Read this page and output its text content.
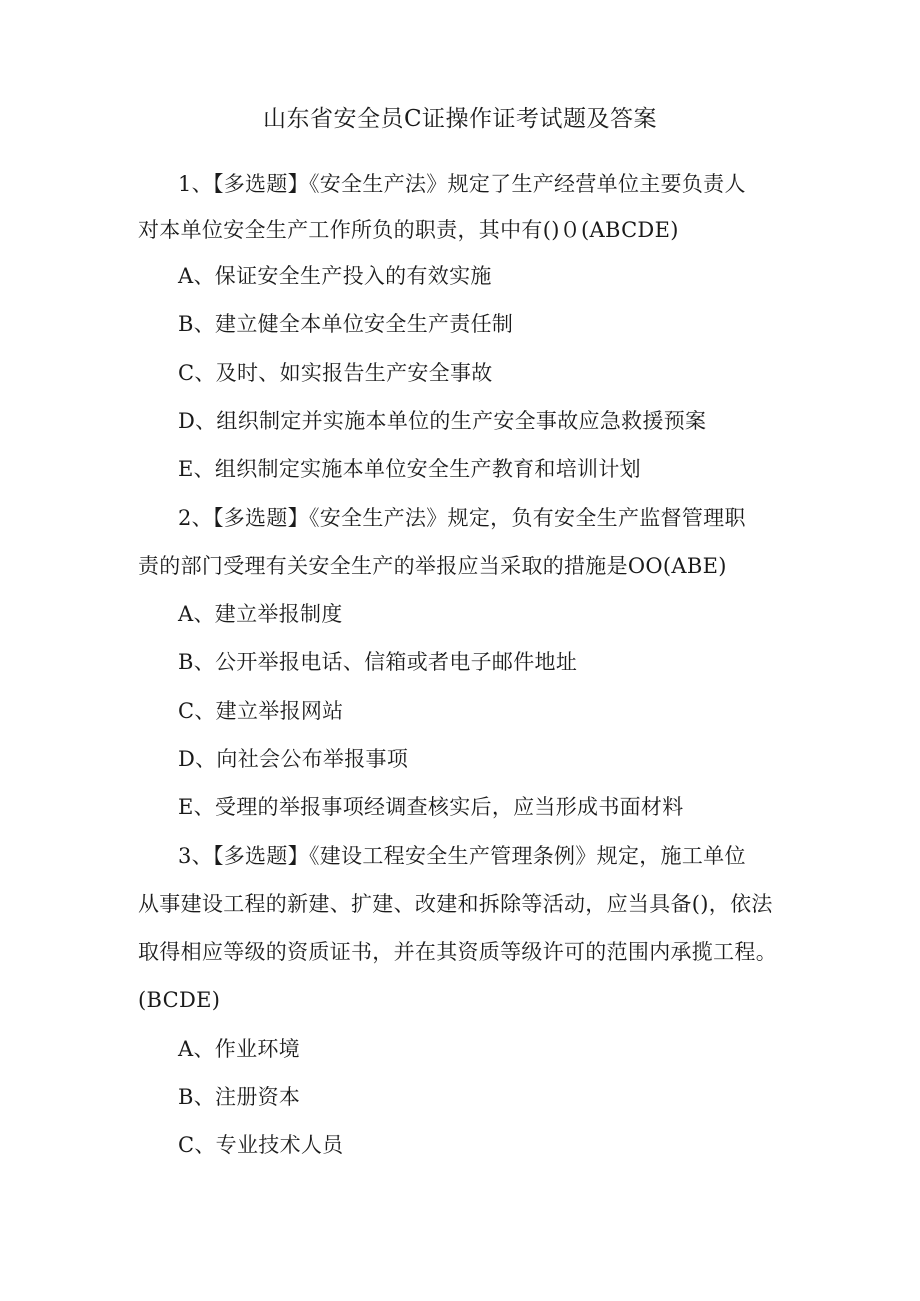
山东省安全员C证操作证考试题及答案
1、【多选题】《安全生产法》规定了生产经营单位主要负责人
对本单位安全生产工作所负的职责，其中有()０(ABCDE)
A、保证安全生产投入的有效实施
B、建立健全本单位安全生产责任制
C、及时、如实报告生产安全事故
D、组织制定并实施本单位的生产安全事故应急救援预案
E、组织制定实施本单位安全生产教育和培训计划
2、【多选题】《安全生产法》规定，负有安全生产监督管理职
责的部门受理有关安全生产的举报应当采取的措施是OO(ABE)
A、建立举报制度
B、公开举报电话、信箱或者电子邮件地址
C、建立举报网站
D、向社会公布举报事项
E、受理的举报事项经调查核实后，应当形成书面材料
3、【多选题】《建设工程安全生产管理条例》规定，施工单位
从事建设工程的新建、扩建、改建和拆除等活动，应当具备()，依法
取得相应等级的资质证书，并在其资质等级许可的范围内承揽工程。
(BCDE)
A、作业环境
B、注册资本
C、专业技术人员
